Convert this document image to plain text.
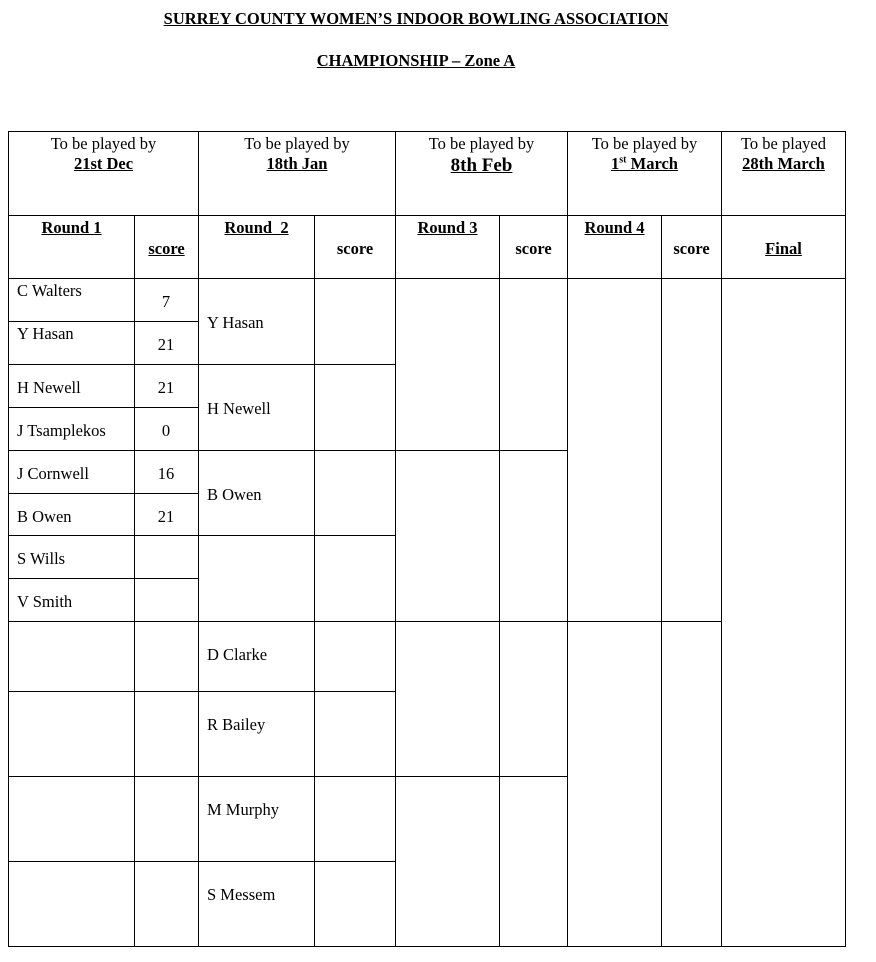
SURREY COUNTY WOMEN’S INDOOR BOWLING ASSOCIATION
CHAMPIONSHIP – Zone A
To be played by
21st Dec
To be played by
18th Jan
To be played by
8th Feb
To be played by
1st March
To be played
28th March
Round 1
score
Round  2
score
Round 3
score
Round 4
score	Final
C Walters
Y Hasan
H Newell
J Tsamplekos
J Cornwell
B Owen
S Wills
V Smith
7
21
21
0
16
21
Y Hasan
H Newell
B Owen
D Clarke
R Bailey
M Murphy
S Messem
